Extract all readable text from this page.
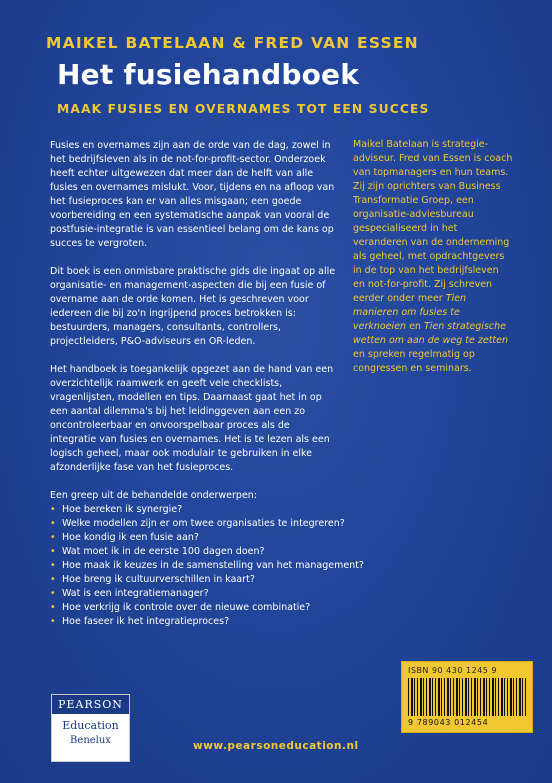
MAIKEL BATELAAN & FRED VAN ESSEN
Het fusiehandboek
MAAK FUSIES EN OVERNAMES TOT EEN SUCCES

Fusies en overnames zijn aan de orde van de dag, zowel in het bedrijfsleven als in de not-for-profit-sector. Onderzoek heeft echter uitgewezen dat meer dan de helft van alle fusies en overnames mislukt. Voor, tijdens en na afloop van het fusieproces kan er van alles misgaan; een goede voorbereiding en een systematische aanpak van vooral de postfusie-integratie is van essentieel belang om de kans op succes te vergroten.

Dit boek is een onmisbare praktische gids die ingaat op alle organisatie- en management-aspecten die bij een fusie of overname aan de orde komen. Het is geschreven voor iedereen die bij zo'n ingrijpend proces betrokken is: bestuurders, managers, consultants, controllers, projectleiders, P&O-adviseurs en OR-leden.

Het handboek is toegankelijk opgezet aan de hand van een overzichtelijk raamwerk en geeft vele checklists, vragenlijsten, modellen en tips. Daarnaast gaat het in op een aantal dilemma's bij het leidinggeven aan een zo oncontroleerbaar en onvoorspelbaar proces als de integratie van fusies en overnames. Het is te lezen als een logisch geheel, maar ook modulair te gebruiken in elke afzonderlijke fase van het fusieproces.

Een greep uit de behandelde onderwerpen:

• Hoe bereken ik synergie?
• Welke modellen zijn er om twee organisaties te integreren?
• Hoe kondig ik een fusie aan?
• Wat moet ik in de eerste 100 dagen doen?
• Hoe maak ik keuzes in de samenstelling van het management?
• Hoe breng ik cultuurverschillen in kaart?
• Wat is een integratiemanager?
• Hoe verkrijg ik controle over de nieuwe combinatie?
• Hoe faseer ik het integratieproces?

Maikel Batelaan is strategie-adviseur. Fred van Essen is coach van topmanagers en hun teams. Zij zijn oprichters van Business Transformatie Groep, een organisatie-adviesbureau gespecialiseerd in het veranderen van de onderneming als geheel, met opdrachtgevers in de top van het bedrijfsleven en not-for-profit. Zij schreven eerder onder meer Tien manieren om fusies te verknoeien en Tien strategische wetten om aan de weg te zetten en spreken regelmatig op congressen en seminars.

ISBN 90 430 1245 9
9 789043 012454
PEARSON
Education
Benelux	www.pearsoneducation.nl
